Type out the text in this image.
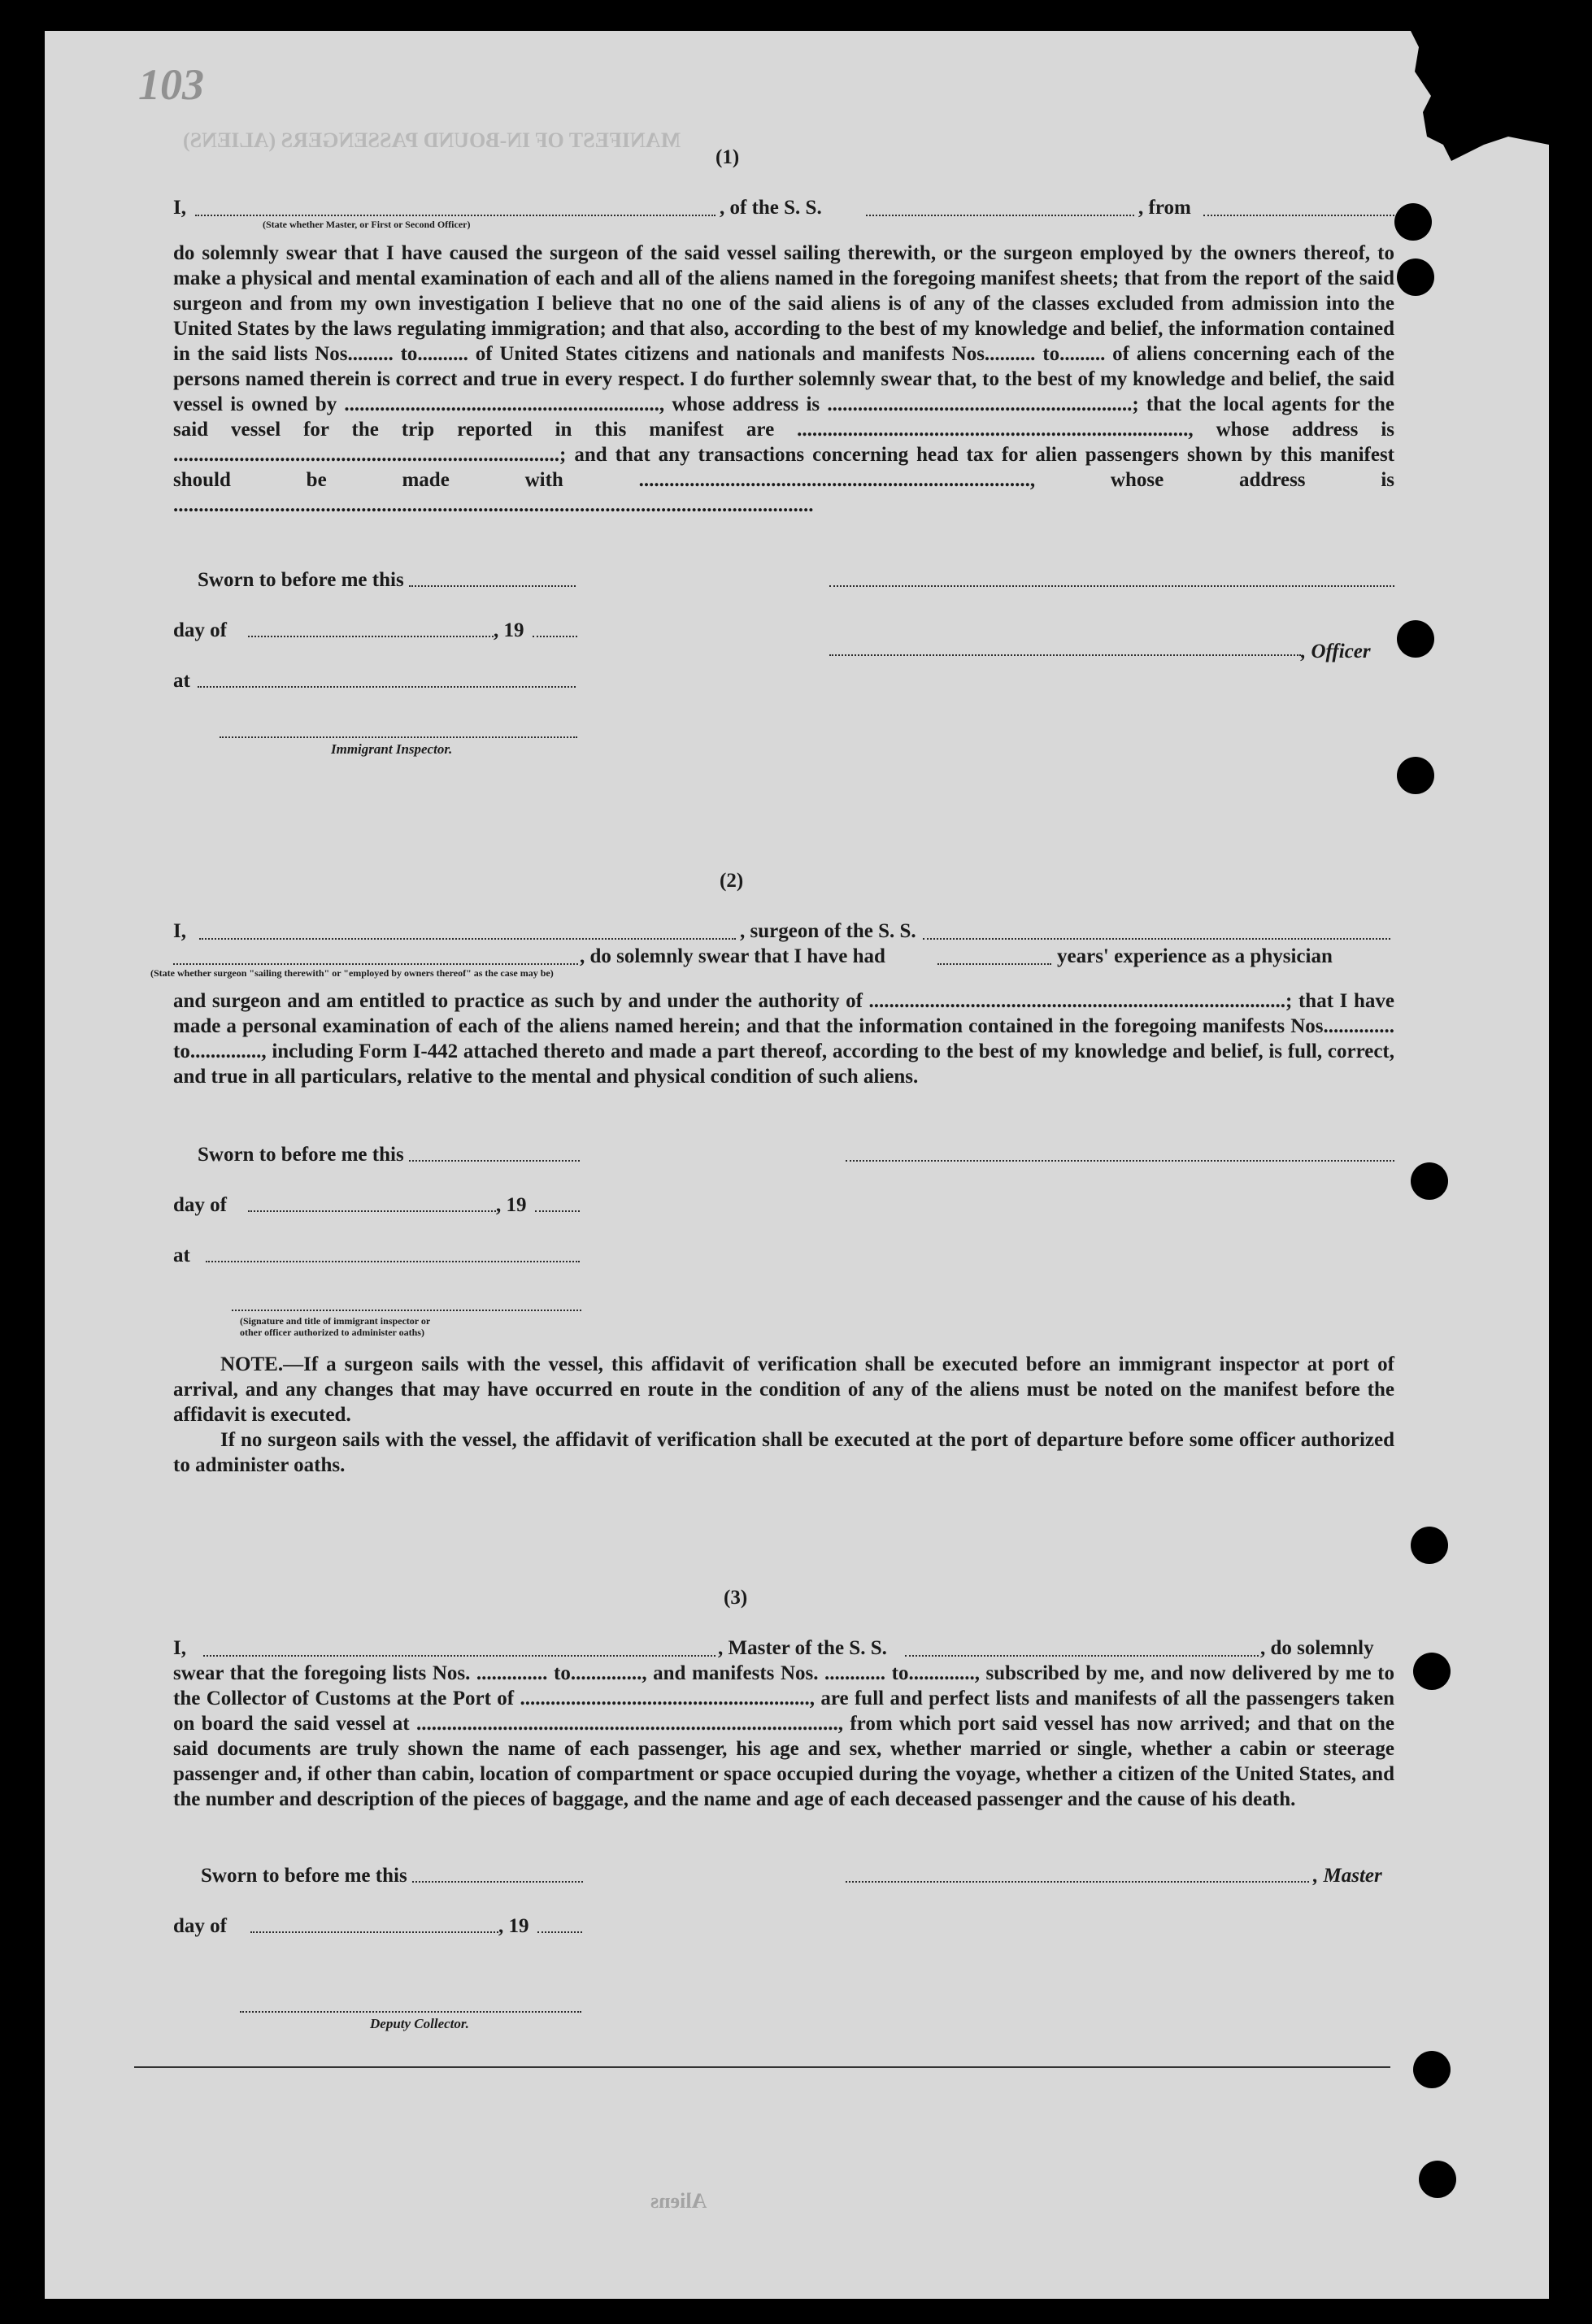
MANIFEST OF IN-BOUND PASSENGERS (ALIENS)
103
(1)
I,	, of the S. S.	, from
(State whether Master, or First or Second Officer)
do solemnly swear that I have caused the surgeon of the said vessel sailing therewith, or the surgeon employed by the owners thereof, to make a physical and mental examination of each and all of the aliens named in the foregoing manifest sheets; that from the report of the said surgeon and from my own investigation I believe that no one of the said aliens is of any of the classes excluded from admission into the United States by the laws regulating immigration; and that also, according to the best of my knowledge and belief, the information contained in the said lists Nos......... to.......... of United States citizens and nationals and manifests Nos.......... to......... of aliens concerning each of the persons named therein is correct and true in every respect. I do further solemnly swear that, to the best of my knowledge and belief, the said vessel is owned by .............................................................., whose address is ............................................................; that the local agents for the said vessel for the trip reported in this manifest are ............................................................................., whose address is ............................................................................; and that any transactions concerning head tax for alien passengers shown by this manifest should be made with ............................................................................., whose address is ..............................................................................................................................
Sworn to before me this
day of	, 19
at
Immigrant Inspector.
, Officer
(2)
I,	, surgeon of the S. S.
, do solemnly swear that I have had	years' experience as a physician
(State whether surgeon "sailing therewith" or "employed by owners thereof" as the case may be)
and surgeon and am entitled to practice as such by and under the authority of ..................................................................................; that I have made a personal examination of each of the aliens named herein; and that the information contained in the foregoing manifests Nos.............. to.............., including Form I-442 attached thereto and made a part thereof, according to the best of my knowledge and belief, is full, correct, and true in all particulars, relative to the mental and physical condition of such aliens.
Sworn to before me this
day of	, 19
at
(Signature and title of immigrant inspector or
other officer authorized to administer oaths)
NOTE.—If a surgeon sails with the vessel, this affidavit of verification shall be executed before an immigrant inspector at port of arrival, and any changes that may have occurred en route in the condition of any of the aliens must be noted on the manifest before the affidavit is executed.
If no surgeon sails with the vessel, the affidavit of verification shall be executed at the port of departure before some officer authorized to administer oaths.
(3)
I,	, Master of the S. S.	, do solemnly
swear that the foregoing lists Nos. .............. to.............., and manifests Nos. ............ to............., subscribed by me, and now delivered by me to the Collector of Customs at the Port of ........................................................., are full and perfect lists and manifests of all the passengers taken on board the said vessel at ..................................................................................., from which port said vessel has now arrived; and that on the said documents are truly shown the name of each passenger, his age and sex, whether married or single, whether a cabin or steerage passenger and, if other than cabin, location of compartment or space occupied during the voyage, whether a citizen of the United States, and the number and description of the pieces of baggage, and the name and age of each deceased passenger and the cause of his death.
Sworn to before me this	, Master
day of	, 19
Deputy Collector.
Aliens
